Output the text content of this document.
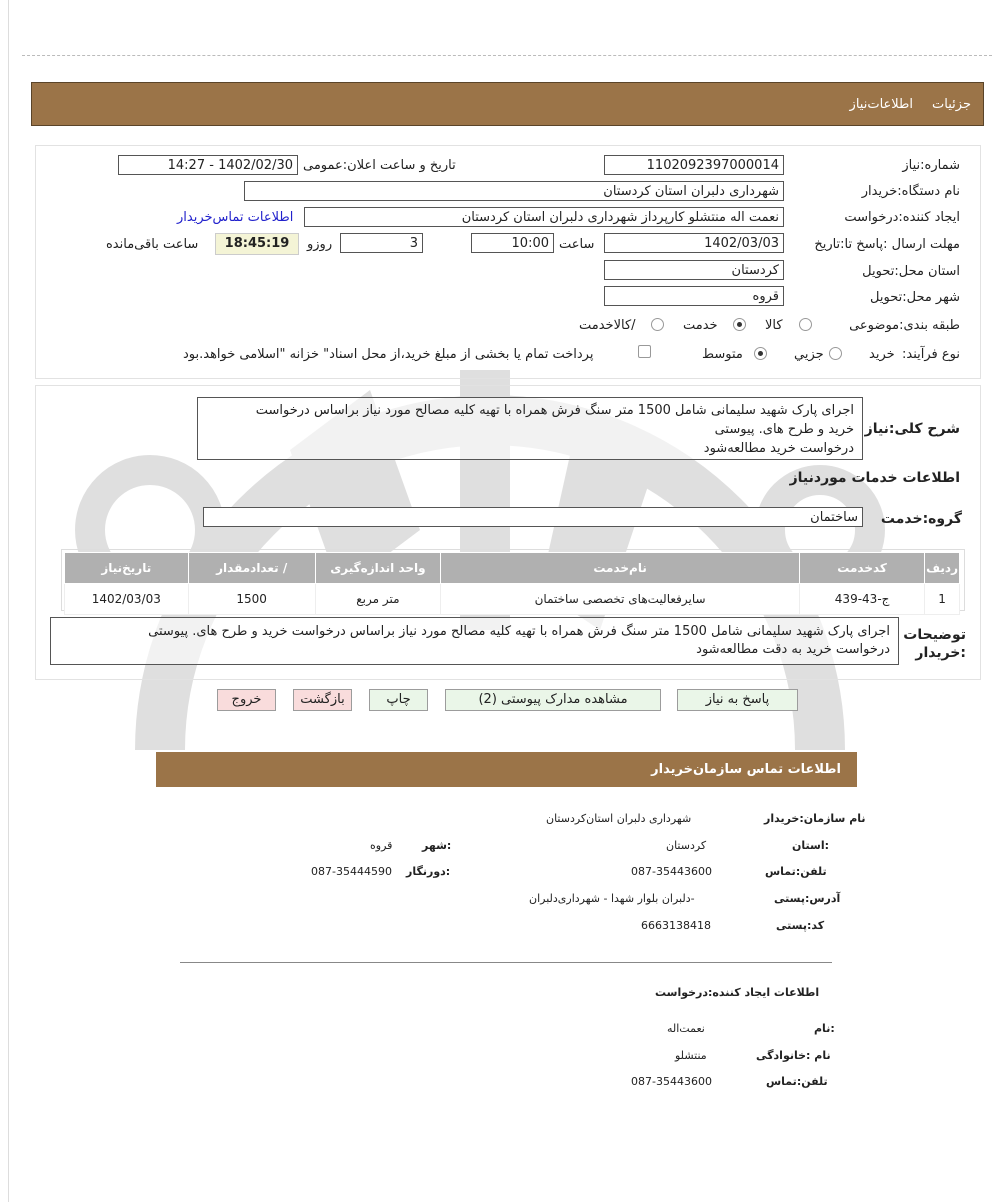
جزئیات
اطلاعات‌نیاز
شماره:نیاز
1102092397000014
تاریخ و ساعت اعلان:عمومی
1402/02/30 - 14:27
نام دستگاه:خریدار
شهرداری دلبران استان کردستان
ایجاد کننده:درخواست
نعمت اله منتشلو کارپرداز شهرداری دلبران استان کردستان
اطلاعات تماس‌خریدار
مهلت ارسال :پاسخ تا:تاریخ
1402/03/03
ساعت
10:00
3
روزو
18:45:19
ساعت باقی‌مانده
استان محل:تحویل
کردستان
شهر محل:تحویل
قروه
طبقه بندی:موضوعی
کالا
خدمت
/کالاخدمت
نوع فرآیند:
خرید
جزيي
متوسط
پرداخت تمام یا بخشی از مبلغ خرید،از محل اسناد" خزانه "اسلامی خواهد.بود
شرح کلی:نیاز
اجرای پارک شهید سلیمانی شامل 1500 متر سنگ فرش همراه با تهیه کلیه مصالح مورد نیاز براساس درخواست
خرید و طرح های. پیوستی
درخواست خرید مطالعه‌شود
اطلاعات خدمات موردنیاز
گروه:خدمت
ساختمان
ردیف	کدخدمت	نام‌خدمت	واحد اندازه‌گیری	/ تعدادمقدار	تاریخ‌نیاز
1	ج-43-439	سایرفعالیت‌های تخصصی ساختمان	متر مربع	1500	1402/03/03
توضیحات
:خریدار
اجرای پارک شهید سلیمانی شامل 1500 متر سنگ فرش همراه با تهیه کلیه مصالح مورد نیاز براساس درخواست خرید و طرح های. پیوستی
درخواست خرید به دقت مطالعه‌شود
پاسخ به نیاز
مشاهده مدارک پیوستی (2)
چاپ
بازگشت
خروج
اطلاعات تماس سازمان‌خریدار
نام سازمان:خریدار
شهرداری دلبران استان‌کردستان
:استان
کردستان
:شهر
قروه
تلفن:تماس
087-35443600
:دورنگار
087-35444590
آدرس:پستی
-دلبران بلوار شهدا - شهرداری‌دلبران
کد:پستی
6663138418
اطلاعات ایجاد کننده:درخواست
:نام
نعمت‌اله
نام :خانوادگی
منتشلو
تلفن:تماس
087-35443600
